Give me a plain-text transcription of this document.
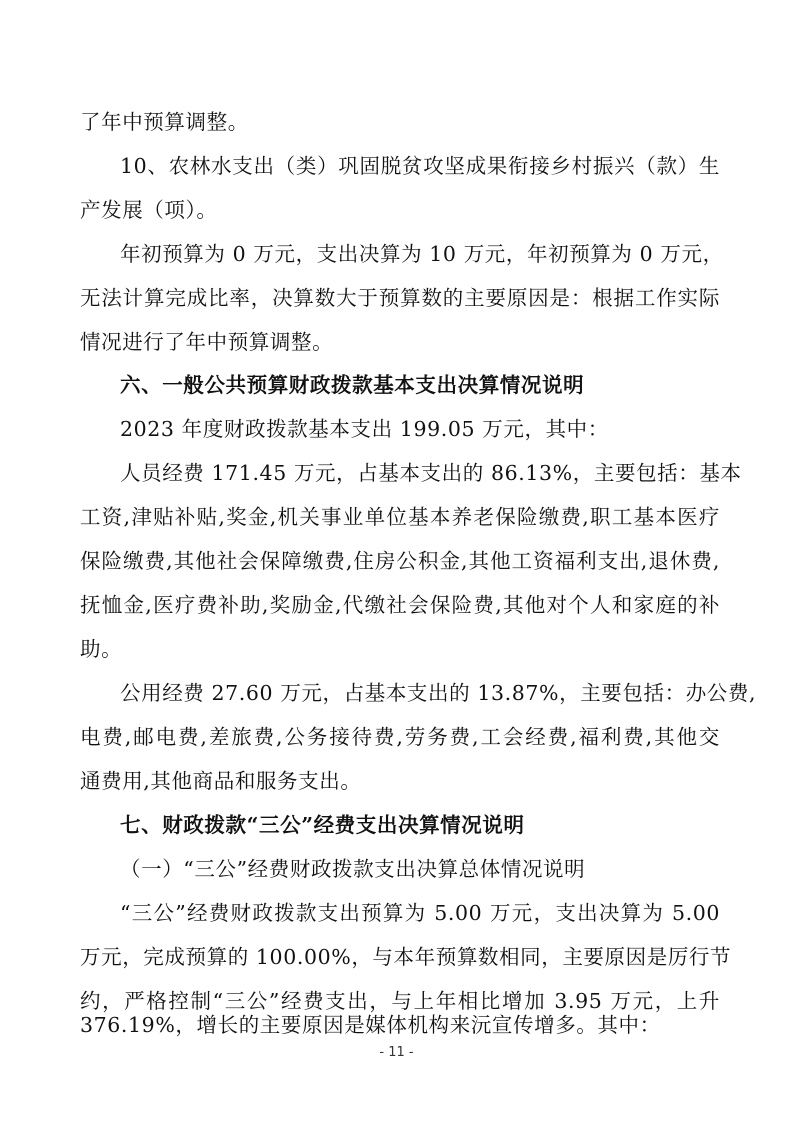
了年中预算调整。
10、农林水支出（类）巩固脱贫攻坚成果衔接乡村振兴（款）生
产发展（项）。
年初预算为 0 万元，支出决算为 10 万元，年初预算为 0 万元，
无法计算完成比率，决算数大于预算数的主要原因是：根据工作实际
情况进行了年中预算调整。
六、一般公共预算财政拨款基本支出决算情况说明
2023 年度财政拨款基本支出 199.05 万元，其中：
人员经费 171.45 万元，占基本支出的 86.13%，主要包括：基本
工资,津贴补贴,奖金,机关事业单位基本养老保险缴费,职工基本医疗
保险缴费,其他社会保障缴费,住房公积金,其他工资福利支出,退休费,
抚恤金,医疗费补助,奖励金,代缴社会保险费,其他对个人和家庭的补
助。
公用经费 27.60 万元，占基本支出的 13.87%，主要包括：办公费,
电费,邮电费,差旅费,公务接待费,劳务费,工会经费,福利费,其他交
通费用,其他商品和服务支出。
七、财政拨款“三公”经费支出决算情况说明
（一）“三公”经费财政拨款支出决算总体情况说明
“三公”经费财政拨款支出预算为 5.00 万元，支出决算为 5.00
万元，完成预算的 100.00%，与本年预算数相同，主要原因是厉行节
约，严格控制“三公”经费支出，与上年相比增加 3.95 万元，上升
376.19%，增长的主要原因是媒体机构来沅宣传增多。其中：
- 11 -
